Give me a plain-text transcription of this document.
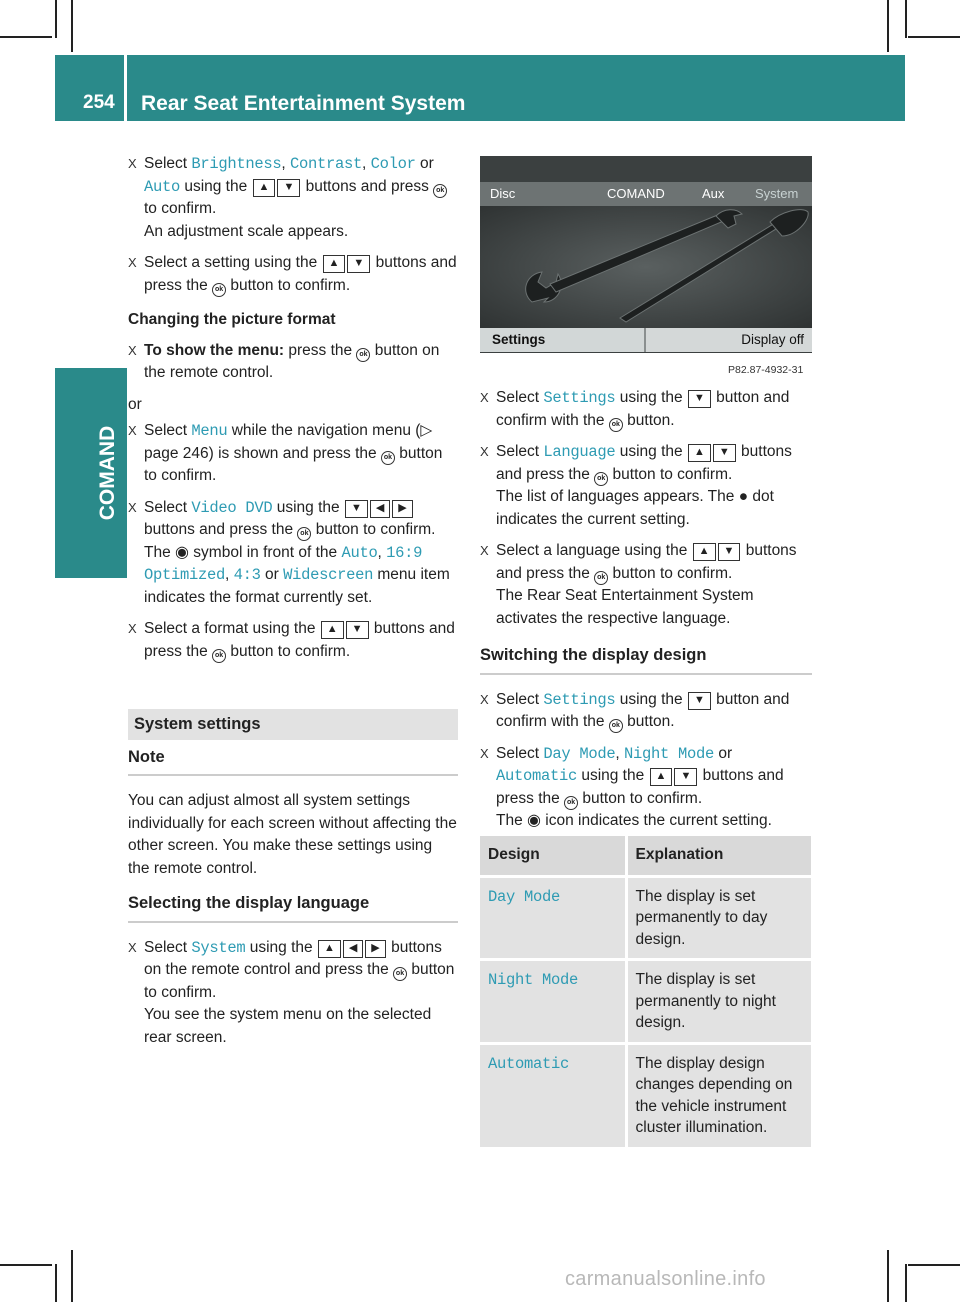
254 Rear Seat Entertainment System
COMAND
X Select Brightness, Contrast, Color or Auto using the ▲ ▼ buttons and press ok to confirm.

An adjustment scale appears.

X Select a setting using the ▲ ▼ buttons and press the ok button to confirm.

Changing the picture format
X To show the menu: press the ok button on the remote control.

or
X Select Menu while the navigation menu (▷ page 246) is shown and press the ok button to confirm.

X Select Video DVD using the ▼ ◀ ▶ buttons and press the ok button to confirm.

The ◉ symbol in front of the Auto, 16:9 Optimized, 4:3 or Widescreen menu item indicates the format currently set.

X Select a format using the ▲ ▼ buttons and press the ok button to confirm.

System settings
Note

You can adjust almost all system settings individually for each screen without affecting the other screen. You make these settings using the remote control.

Selecting the display language
X Select System using the ▲ ◀ ▶ buttons on the remote control and press the ok button to confirm.

You see the system menu on the selected rear screen.

Disc	COMAND	Aux System
Settings	Display off
P82.87-4932-31
X Select Settings using the ▼ button and confirm with the ok button.

X Select Language using the ▲ ▼ buttons and press the ok button to confirm.

The list of languages appears. The ● dot indicates the current setting.

X Select a language using the ▲ ▼ buttons and press the ok button to confirm.

The Rear Seat Entertainment System activates the respective language.

Switching the display design
X Select Settings using the ▼ button and confirm with the ok button.

X Select Day Mode, Night Mode or Automatic using the ▲ ▼ buttons and press the ok button to confirm.

The ◉ icon indicates the current setting.

Design	Explanation
Day Mode	The display is set permanently to day design.
Night Mode	The display is set permanently to night design.
Automatic	The display design changes depending on the vehicle instrument cluster illumination.
carmanualsonline.info
